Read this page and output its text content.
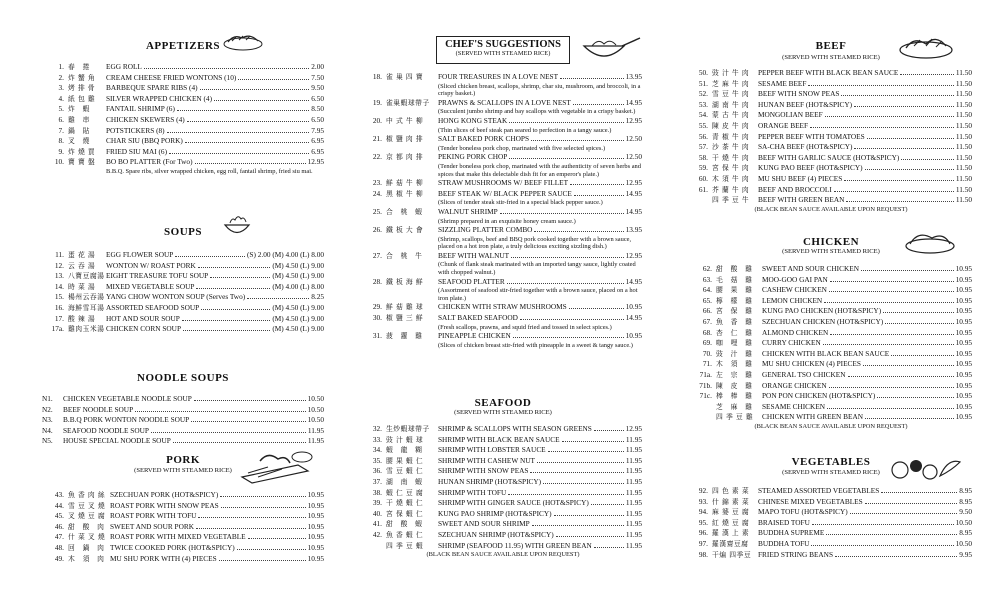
APPETIZERS
1. 春　捲	EGG ROLL	2.00
2. 炸 蟹 角	CREAM CHEESE FRIED WONTONS (10)	7.50
3. 烤 排 骨	BARBEQUE SPARE RIBS (4)	9.50
4. 紙 包 雞	SILVER WRAPPED CHICKEN (4)	6.50
5. 炸　蝦	FANTAIL SHRIMP (6)	8.50
6. 雞　串	CHICKEN SKEWERS (4)	6.50
7. 鍋　貼	POTSTICKERS (8)	7.95
8. 叉　燒	CHAR SIU (BBQ PORK)	6.95
9. 炸 燒 買	FRIED SIU MAI (6)	6.95
10. 寶 寶 盤	BO BO PLATTER (For Two)	12.95
B.B.Q. Spare ribs, silver wrapped chicken, egg roll, fantail shrimp, fried siu mai.
SOUPS
11. 蛋 花 湯	EGG FLOWER SOUP	(S) 2.00 (M) 4.00 (L) 8.00
12. 云 吞 湯	WONTON W/ ROAST PORK	(M) 4.50 (L) 9.00
13. 八寶豆腐湯 EIGHT TREASURE TOFU SOUP	(M) 4.50 (L) 9.00
14. 時 菜 湯	MIXED VEGETABLE SOUP	(M) 4.00 (L) 8.00
15. 楊州云吞湯 YANG CHOW WONTON SOUP (Serves Two)	8.25
16. 海鮮雪耳湯 ASSORTED SEAFOOD SOUP	(M) 4.50 (L) 9.00
17. 酸 辣 湯	HOT AND SOUR SOUP	(M) 4.50 (L) 9.00
17a. 雞肉玉米湯 CHICKEN CORN SOUP	(M) 4.50 (L) 9.00
NOODLE SOUPS
N1.	CHICKEN VEGETABLE NOODLE SOUP	10.50
N2.	BEEF NOODLE SOUP	10.50
N3.	B.B.Q PORK WONTON NOODLE SOUP	10.50
N4.	SEAFOOD NOODLE SOUP	11.95
N5.	HOUSE SPECIAL NOODLE SOUP	11.95
PORK
(SERVED WITH STEAMED RICE)
43. 魚 香 肉 絲 SZECHUAN PORK (HOT&SPICY)	10.95
44. 雪 豆 叉 燒 ROAST PORK WITH SNOW PEAS	10.95
45. 叉 燒 豆 腐 ROAST PORK WITH TOFU	10.95
46. 甜　酸　肉 SWEET AND SOUR PORK	10.95
47. 什 菜 叉 燒 ROAST PORK WITH MIXED VEGETABLE	10.95
48. 回　鍋　肉 TWICE COOKED PORK (HOT&SPICY)	10.95
49. 木　須　肉 MU SHU PORK WITH (4) PIECES	10.95
CHEF'S SUGGESTIONS
(SERVED WITH STEAMED RICE)
18. 雀 巢 四 寶	FOUR TREASURES IN A LOVE NEST	13.95
(Sliced chicken breast, scallops, shrimp, char siu, mushroom, and broccoli, in a crispy basket.)
19. 雀巢蝦球帶子	PRAWNS & SCALLOPS IN A LOVE NEST	14.95
(Succulent jumbo shrimp and bay scallops with vegetable in a crispy basket.)
20. 中 式 牛 柳	HONG KONG STEAK	12.95
(Thin slices of beef steak pan seared to perfection in a tangy sauce.)
21. 椒 鹽 肉 排	SALT BAKED PORK CHOPS	12.50
(Tender boneless pork chop, marinated with five selected spices.)
22. 京 都 肉 排	PEKING PORK CHOP	12.50
(Tender boneless pork chop, marinated with the authenticity of seven herbs and spices that make this delectable dish fit for an emperor's plate.)
23. 鮮 菇 牛 柳	STRAW MUSHROOMS W/ BEEF FILLET	12.95
24. 黑 椒 牛 柳	BEEF STEAK W/ BLACK PEPPER SAUCE	14.95
(Slices of tender steak stir-fried in a special black pepper sauce.)
25. 合　桃　蝦	WALNUT SHRIMP	14.95
(Shrimp prepared in an exquisite honey cream sauce.)
26. 鐵 板 大 會	SIZZLING PLATTER COMBO	13.95
(Shrimp, scallops, beef and BBQ pork cooked together with a brown sauce, placed on a hot iron plate, a truly delicious exciting sizzling dish.)
27. 合　桃　牛	BEEF WITH WALNUT	12.95
(Chunk of flank steak marinated with an imported tangy sauce, lightly coated with chopped walnut.)
28. 鐵 板 海 鮮	SEAFOOD PLATTER	14.95
(Assortment of seafood stir-fried together with a brown sauce, placed on a hot iron plate.)
29. 鮮 菇 雞 球	CHICKEN WITH STRAW MUSHROOMS	10.95
30. 椒 鹽 三 鮮	SALT BAKED SEAFOOD	14.95
(Fresh scallops, prawns, and squid fried and tossed in select spices.)
31. 菠　蘿　雞	PINEAPPLE CHICKEN	10.95
(Slices of chicken breast stir-fried with pineapple in a sweet & tangy sauce.)
SEAFOOD
(SERVED WITH STEAMED RICE)
32. 生炒蝦球帶子	SHRIMP & SCALLOPS WITH SEASON GREENS	12.95
33. 豉 汁 蝦 球	SHRIMP WITH BLACK BEAN SAUCE	11.95
34. 蝦　龍　糊	SHRIMP WITH LOBSTER SAUCE	11.95
35. 腰 果 蝦 仁	SHRIMP WITH CASHEW NUT	11.95
36. 雪 豆 蝦 仁	SHRIMP WITH SNOW PEAS	11.95
37. 湖　南　蝦	HUNAN SHRIMP (HOT&SPICY)	11.95
38. 蝦 仁 豆 腐	SHRIMP WITH TOFU	11.95
39. 干 燒 蝦 仁	SHRIMP WITH GINGER SAUCE (HOT&SPICY)	11.95
40. 宮 保 蝦 仁	KUNG PAO SHRIMP (HOT&SPICY)	11.95
41. 甜　酸　蝦	SWEET AND SOUR SHRIMP	11.95
42. 魚 香 蝦 仁	SZECHUAN SHRIMP (HOT&SPICY)	11.95
四 季 豆 蝦	SHRIMP (SEAFOOD 11.95) WITH GREEN BEAN	11.95
(BLACK BEAN SAUCE AVAILABLE UPON REQUEST)
BEEF
(SERVED WITH STEAMED RICE)
50. 豉 汁 牛 肉	PEPPER BEEF WITH BLACK BEAN SAUCE	11.50
51. 芝 麻 牛 肉	SESAME BEEF	11.50
52. 雪 豆 牛 肉	BEEF WITH SNOW PEAS	11.50
53. 湖 南 牛 肉	HUNAN BEEF (HOT&SPICY)	11.50
54. 蒙 古 牛 肉	MONGOLIAN BEEF	11.50
55. 陳 皮 牛 肉	ORANGE BEEF	11.50
56. 青 椒 牛 肉	PEPPER BEEF WITH TOMATOES	11.50
57. 沙 茶 牛 肉	SA-CHA BEEF (HOT&SPICY)	11.50
58. 干 燒 牛 肉	BEEF WITH GARLIC SAUCE (HOT&SPICY)	11.50
59. 宮 保 牛 肉	KUNG PAO BEEF (HOT&SPICY)	11.50
60. 木 須 牛 肉	MU SHU BEEF (4) PIECES	11.50
61. 芥 蘭 牛 肉	BEEF AND BROCCOLI	11.50
四 季 豆 牛	BEEF WITH GREEN BEAN	11.50
(BLACK BEAN SAUCE AVAILABLE UPON REQUEST)
CHICKEN
(SERVED WITH STEAMED RICE)
62. 甜　酸　雞	SWEET AND SOUR CHICKEN	10.95
63. 毛　菇　雞	MOO-GOO GAI PAN	10.95
64. 腰　果　雞	CASHEW CHICKEN	10.95
65. 檸　檬　雞	LEMON CHICKEN	10.95
66. 宮　保　雞	KUNG PAO CHICKEN (HOT&SPICY)	10.95
67. 魚　香　雞	SZECHUAN CHICKEN (HOT&SPICY)	10.95
68. 杏　仁　雞	ALMOND CHICKEN	10.95
69. 咖　哩　雞	CURRY CHICKEN	10.95
70. 豉　汁　雞	CHICKEN WITH BLACK BEAN SAUCE	10.95
71. 木　須　雞	MU SHU CHICKEN (4) PIECES	10.95
71a. 左　宗　雞	GENERAL TSO CHICKEN	10.95
71b. 陳　皮　雞	ORANGE CHICKEN	10.95
71c. 棒　棒　雞	PON PON CHICKEN (HOT&SPICY)	10.95
芝　麻　雞	SESAME CHICKEN	10.95
四 季 豆 雞	CHICKEN WITH GREEN BEAN	10.95
(BLACK BEAN SAUCE AVAILABLE UPON REQUEST)
VEGETABLES
(SERVED WITH STEAMED RICE)
92. 四 色 素 菜	STEAMED ASSORTED VEGETABLES	8.95
93. 什 錦 素 菜	CHINESE MIXED VEGETABLES	8.95
94. 麻 婆 豆 腐	MAPO TOFU (HOT&SPICY)	9.50
95. 紅 燒 豆 腐	BRAISED TOFU	10.50
96. 羅 漢 上 素	BUDDHA SUPREME	8.95
97. 羅漢齋豆腐	BUDDHA TOFU	10.50
98. 干煸 四季豆 FRIED STRING BEANS	9.95
